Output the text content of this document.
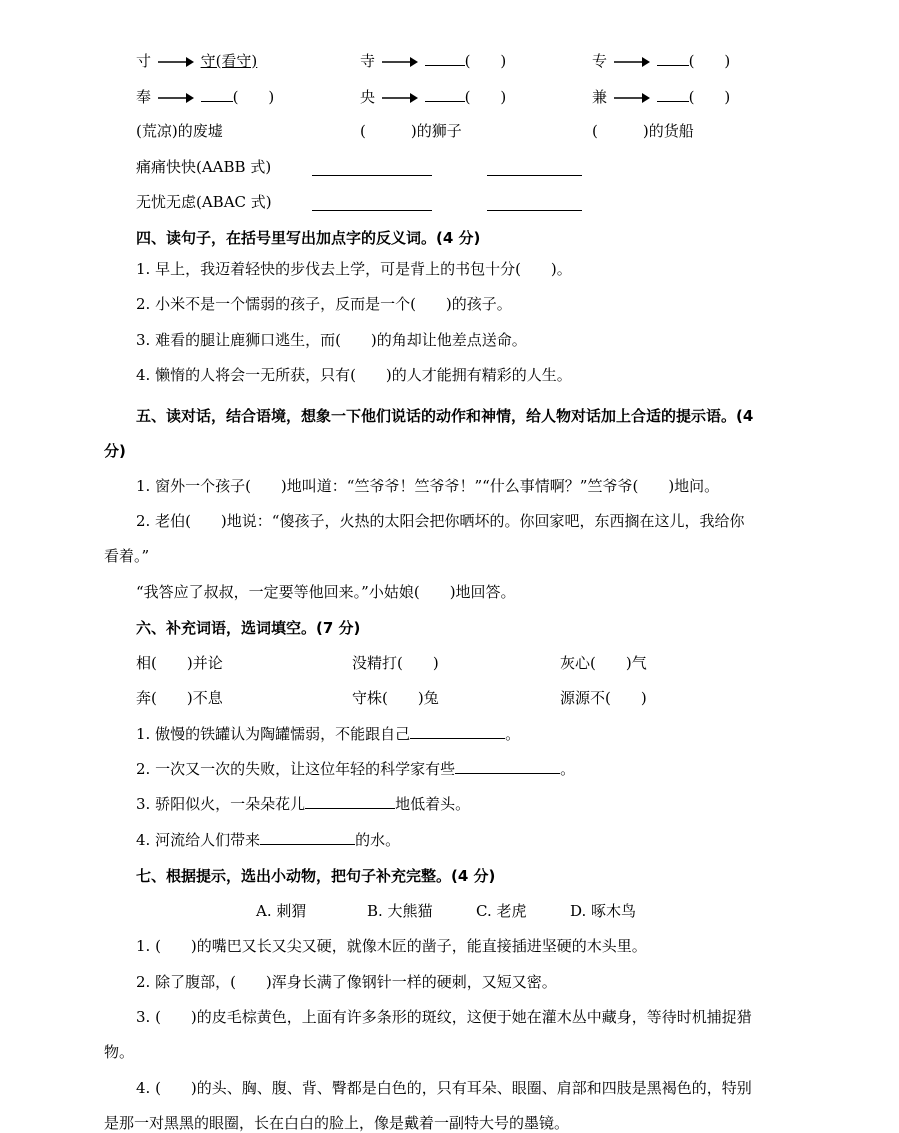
寸	守(看守)	寺	(　　)	专	(　　)
奉	(　　)	央	(　　)	兼	(　　)
(荒凉)的废墟	(　　　)的狮子	(　　　)的货船
痛痛快快(AABB 式)
无忧无虑(ABAC 式)
四、读句子，在括号里写出加点字的反义词。(4 分)
1. 早上，我迈着轻快的步伐去上学，可是背上的书包十分(　　)。
2. 小米不是一个懦弱的孩子，反而是一个(　　)的孩子。
3. 难看的腿让鹿狮口逃生，而(　　)的角却让他差点送命。
4. 懒惰的人将会一无所获，只有(　　)的人才能拥有精彩的人生。
五、读对话，结合语境，想象一下他们说话的动作和神情，给人物对话加上合适的提示语。(4
分)
1. 窗外一个孩子(　　)地叫道：“竺爷爷！竺爷爷！”“什么事情啊？”竺爷爷(　　)地问。
2. 老伯(　　)地说：“傻孩子，火热的太阳会把你晒坏的。你回家吧，东西搁在这儿，我给你
看着。”
“我答应了叔叔，一定要等他回来。”小姑娘(　　)地回答。
六、补充词语，选词填空。(7 分)
相(　　)并论	没精打(　　)	灰心(　　)气
奔(　　)不息	守株(　　)兔	源源不(　　)
1. 傲慢的铁罐认为陶罐懦弱，不能跟自己	。
2. 一次又一次的失败，让这位年轻的科学家有些	。
3. 骄阳似火，一朵朵花儿	地低着头。
4. 河流给人们带来	的水。
七、根据提示，选出小动物，把句子补充完整。(4 分)
A. 刺猬	B. 大熊猫	C. 老虎	D. 啄木鸟
1. (　　)的嘴巴又长又尖又硬，就像木匠的凿子，能直接插进坚硬的木头里。
2. 除了腹部，(　　)浑身长满了像钢针一样的硬刺，又短又密。
3. (　　)的皮毛棕黄色，上面有许多条形的斑纹，这便于她在灌木丛中藏身，等待时机捕捉猎
物。
4. (　　)的头、胸、腹、背、臀都是白色的，只有耳朵、眼圈、肩部和四肢是黑褐色的，特别
是那一对黑黑的眼圈，长在白白的脸上，像是戴着一副特大号的墨镜。
